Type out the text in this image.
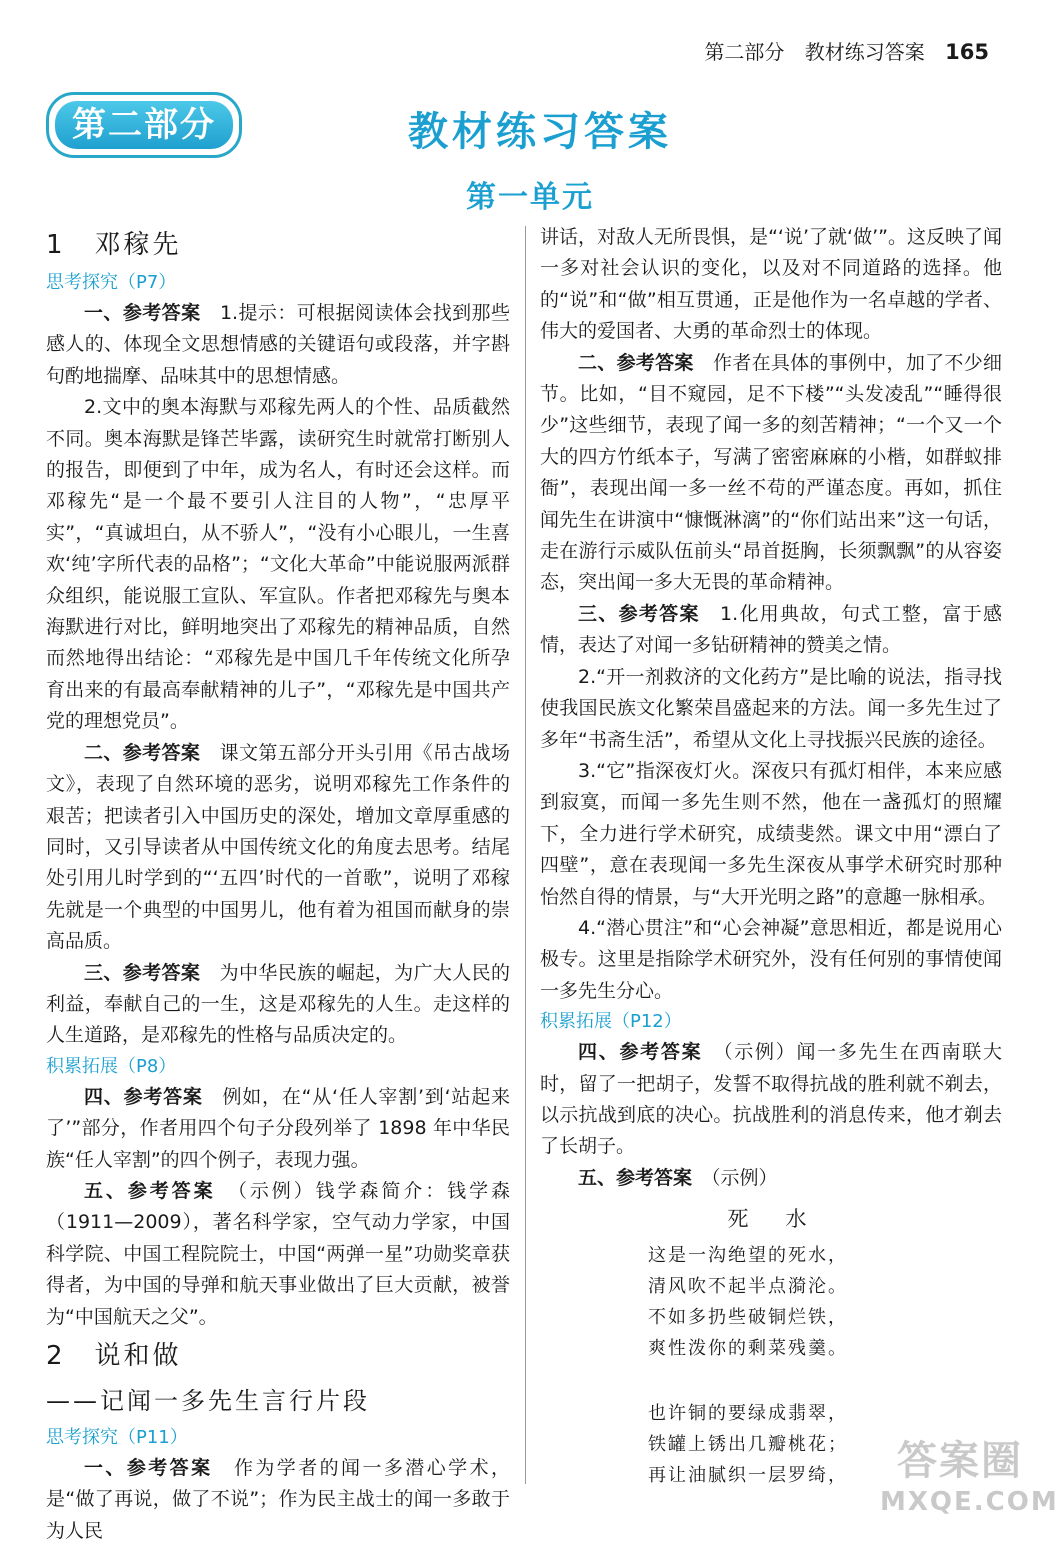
第二部分 教材练习答案 165
第二部分	教材练习答案
第一单元

1　邓稼先

思考探究（P7）

一、参考答案　1.提示：可根据阅读体会找到那些感人的、体现全文思想情感的关键语句或段落，并字斟句酌地揣摩、品味其中的思想情感。

2.文中的奥本海默与邓稼先两人的个性、品质截然不同。奥本海默是锋芒毕露，读研究生时就常打断别人的报告，即便到了中年，成为名人，有时还会这样。而邓稼先“是一个最不要引人注目的人物”，“忠厚平实”，“真诚坦白，从不骄人”，“没有小心眼儿，一生喜欢‘纯’字所代表的品格”；“文化大革命”中能说服两派群众组织，能说服工宣队、军宣队。作者把邓稼先与奥本海默进行对比，鲜明地突出了邓稼先的精神品质，自然而然地得出结论：“邓稼先是中国几千年传统文化所孕育出来的有最高奉献精神的儿子”，“邓稼先是中国共产党的理想党员”。

二、参考答案　课文第五部分开头引用《吊古战场文》，表现了自然环境的恶劣，说明邓稼先工作条件的艰苦；把读者引入中国历史的深处，增加文章厚重感的同时，又引导读者从中国传统文化的角度去思考。结尾处引用儿时学到的“‘五四’时代的一首歌”，说明了邓稼先就是一个典型的中国男儿，他有着为祖国而献身的崇高品质。

三、参考答案　为中华民族的崛起，为广大人民的利益，奉献自己的一生，这是邓稼先的人生。走这样的人生道路，是邓稼先的性格与品质决定的。

积累拓展（P8）

四、参考答案　例如，在“从‘任人宰割’到‘站起来了’”部分，作者用四个句子分段列举了 1898 年中华民族“任人宰割”的四个例子，表现力强。

五、参考答案　（示例）钱学森简介：钱学森（1911—2009），著名科学家，空气动力学家，中国科学院、中国工程院院士，中国“两弹一星”功勋奖章获得者，为中国的导弹和航天事业做出了巨大贡献，被誉为“中国航天之父”。

2　说和做

——记闻一多先生言行片段

思考探究（P11）

一、参考答案　作为学者的闻一多潜心学术，是“做了再说，做了不说”；作为民主战士的闻一多敢于为人民

讲话，对敌人无所畏惧，是“‘说’了就‘做’”。这反映了闻一多对社会认识的变化，以及对不同道路的选择。他的“说”和“做”相互贯通，正是他作为一名卓越的学者、伟大的爱国者、大勇的革命烈士的体现。

二、参考答案　作者在具体的事例中，加了不少细节。比如，“目不窥园，足不下楼”“头发凌乱”“睡得很少”这些细节，表现了闻一多的刻苦精神；“一个又一个大的四方竹纸本子，写满了密密麻麻的小楷，如群蚁排衙”，表现出闻一多一丝不苟的严谨态度。再如，抓住闻先生在讲演中“慷慨淋漓”的“你们站出来”这一句话，走在游行示威队伍前头“昂首挺胸，长须飘飘”的从容姿态，突出闻一多大无畏的革命精神。

三、参考答案　1.化用典故，句式工整，富于感情，表达了对闻一多钻研精神的赞美之情。

2.“开一剂救济的文化药方”是比喻的说法，指寻找使我国民族文化繁荣昌盛起来的方法。闻一多先生过了多年“书斋生活”，希望从文化上寻找振兴民族的途径。

3.“它”指深夜灯火。深夜只有孤灯相伴，本来应感到寂寞，而闻一多先生则不然，他在一盏孤灯的照耀下，全力进行学术研究，成绩斐然。课文中用“漂白了四壁”，意在表现闻一多先生深夜从事学术研究时那种怡然自得的情景，与“大开光明之路”的意趣一脉相承。

4.“潜心贯注”和“心会神凝”意思相近，都是说用心极专。这里是指除学术研究外，没有任何别的事情使闻一多先生分心。

积累拓展（P12）

四、参考答案　（示例）闻一多先生在西南联大时，留了一把胡子，发誓不取得抗战的胜利就不剃去，以示抗战到底的决心。抗战胜利的消息传来，他才剃去了长胡子。

五、参考答案　（示例）

死　水
这是一沟绝望的死水，
清风吹不起半点漪沦。
不如多扔些破铜烂铁，
爽性泼你的剩菜残羹。
也许铜的要绿成翡翠，
铁罐上锈出几瓣桃花；
再让油腻织一层罗绮，	答案圈
MXQE.COM
